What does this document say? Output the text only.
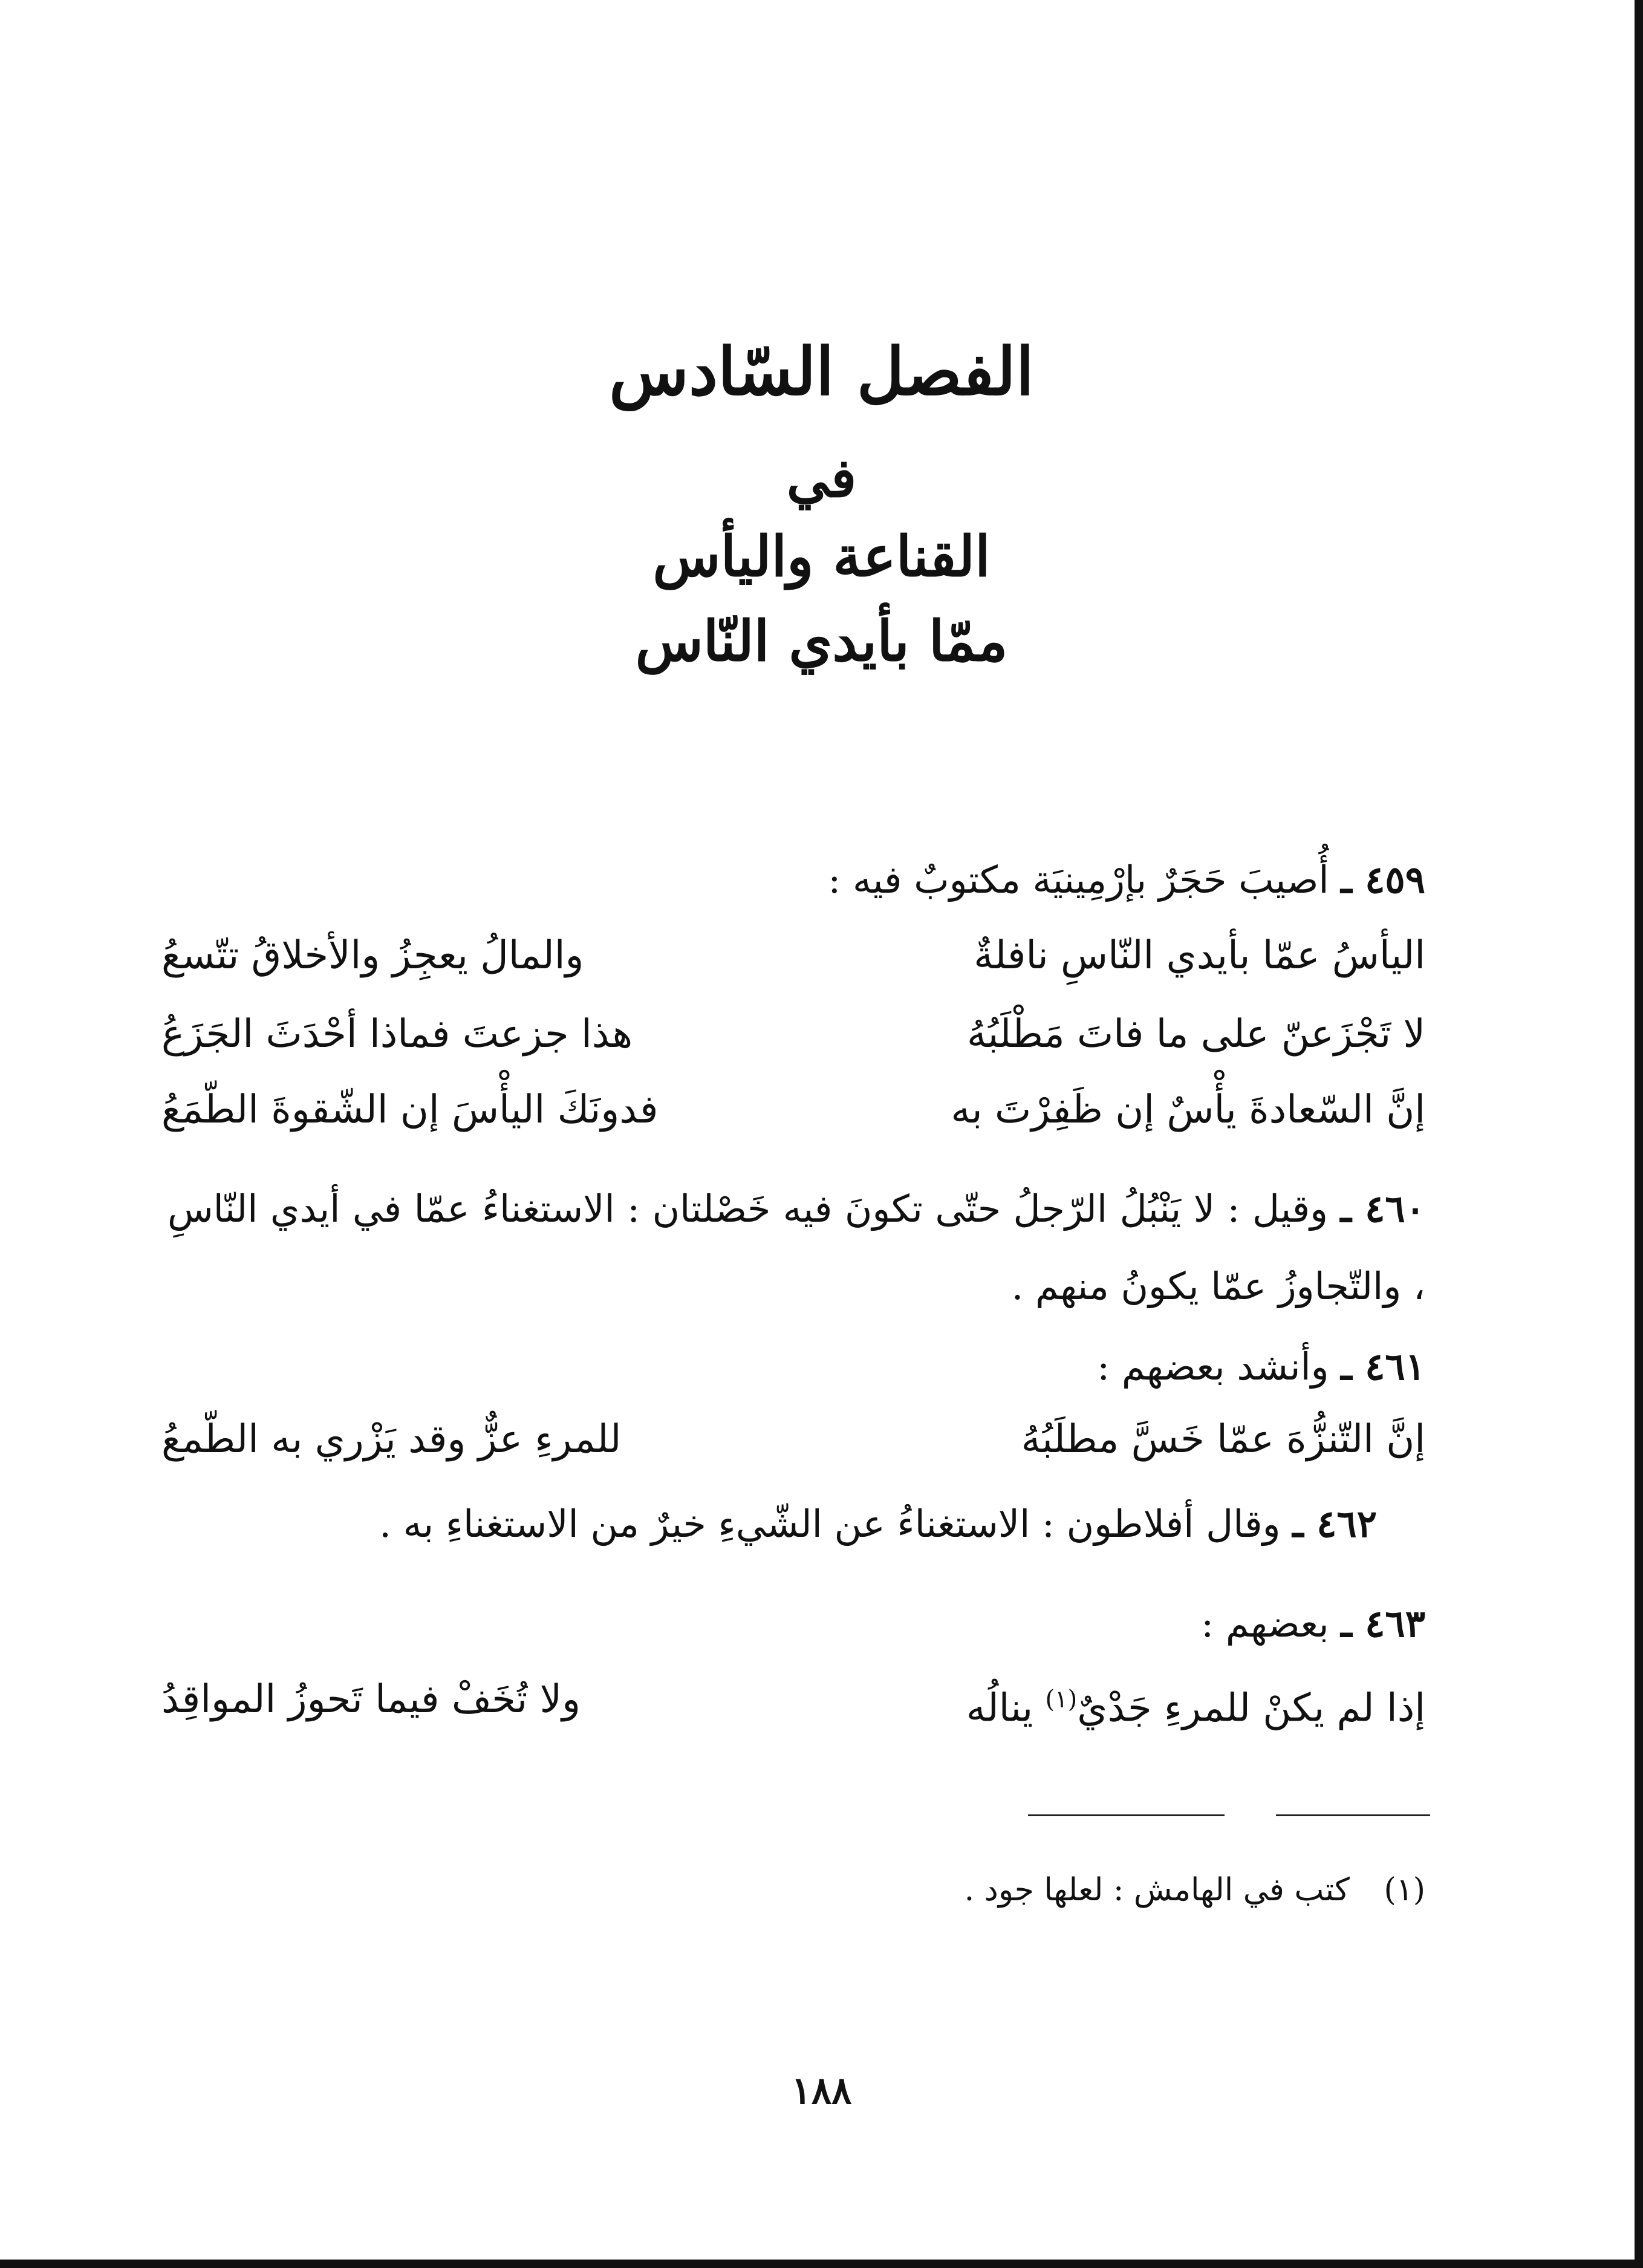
الفصل السّادس
في
القناعة واليأس
ممّا بأيدي النّاس
٤٥٩ ـ أُصيبَ حَجَرٌ بإرْمِينيَة مكتوبٌ فيه :
اليأسُ عمّا بأيدي النّاسِ نافلةٌ
والمالُ يعجِزُ والأخلاقُ تتّسعُ
لا تَجْزَعنّ على ما فاتَ مَطْلَبُهُ
هذا جزعتَ فماذا أحْدَثَ الجَزَعُ
إنَّ السّعادةَ يأْسٌ إن ظَفِرْتَ به
فدونَكَ اليأْسَ إن الشّقوةَ الطّمَعُ
٤٦٠ ـ وقيل : لا يَنْبُلُ الرّجلُ حتّى تكونَ فيه خَصْلتان : الاستغناءُ عمّا في أيدي النّاسِ ، والتّجاوزُ عمّا يكونُ منهم .
٤٦١ ـ وأنشد بعضهم :
إنَّ التّنزُّهَ عمّا خَسَّ مطلَبُهُ
للمرءِ عزٌّ وقد يَزْري به الطّمعُ
٤٦٢ ـ وقال أفلاطون : الاستغناءُ عن الشّيءِ خيرٌ من الاستغناءِ به .
٤٦٣ ـ بعضهم :
إذا لم يكنْ للمرءِ جَدْيٌ$^{(١)}$ ينالُه
ولا تُخَفْ فيما تَحوزُ المواقِدُ
(١) كتب في الهامش : لعلها جود .
١٨٨
